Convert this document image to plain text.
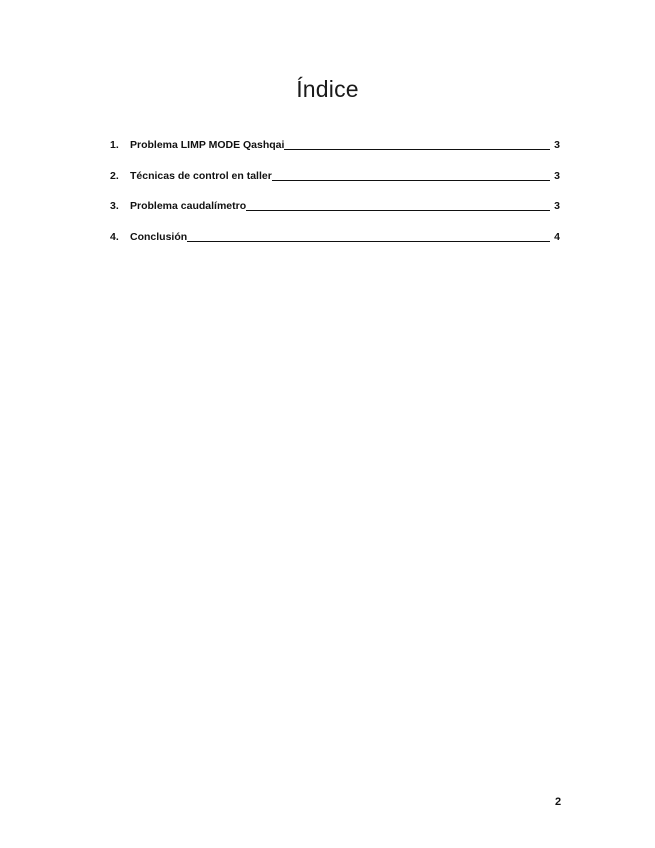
Índice
1.	Problema LIMP MODE Qashqai	3
2.	Técnicas de control en taller	3
3.	Problema caudalímetro	3
4.	Conclusión	4
2
